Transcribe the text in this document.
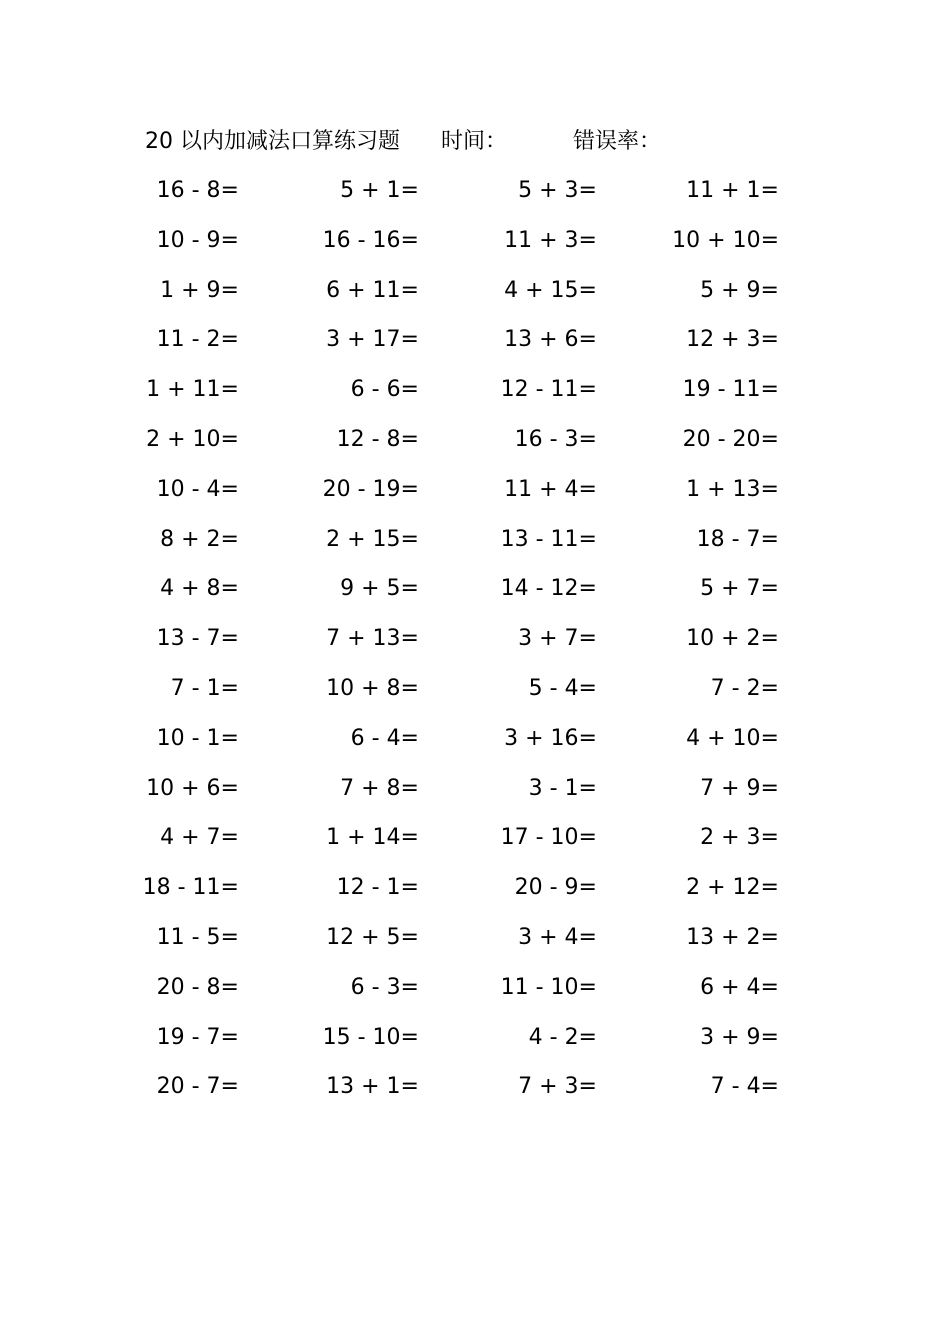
20 以内加减法口算练习题 时间：	错误率：
16 - 8=	5 + 1=	5 + 3=	11 + 1=
10 - 9=	16 - 16=	11 + 3=	10 + 10=
1 + 9=	6 + 11=	4 + 15=	5 + 9=
11 - 2=	3 + 17=	13 + 6=	12 + 3=
1 + 11=	6 - 6=	12 - 11=	19 - 11=
2 + 10=	12 - 8=	16 - 3=	20 - 20=
10 - 4=	20 - 19=	11 + 4=	1 + 13=
8 + 2=	2 + 15=	13 - 11=	18 - 7=
4 + 8=	9 + 5=	14 - 12=	5 + 7=
13 - 7=	7 + 13=	3 + 7=	10 + 2=
7 - 1=	10 + 8=	5 - 4=	7 - 2=
10 - 1=	6 - 4=	3 + 16=	4 + 10=
10 + 6=	7 + 8=	3 - 1=	7 + 9=
4 + 7=	1 + 14=	17 - 10=	2 + 3=
18 - 11=	12 - 1=	20 - 9=	2 + 12=
11 - 5=	12 + 5=	3 + 4=	13 + 2=
20 - 8=	6 - 3=	11 - 10=	6 + 4=
19 - 7=	15 - 10=	4 - 2=	3 + 9=
20 - 7=	13 + 1=	7 + 3=	7 - 4=
